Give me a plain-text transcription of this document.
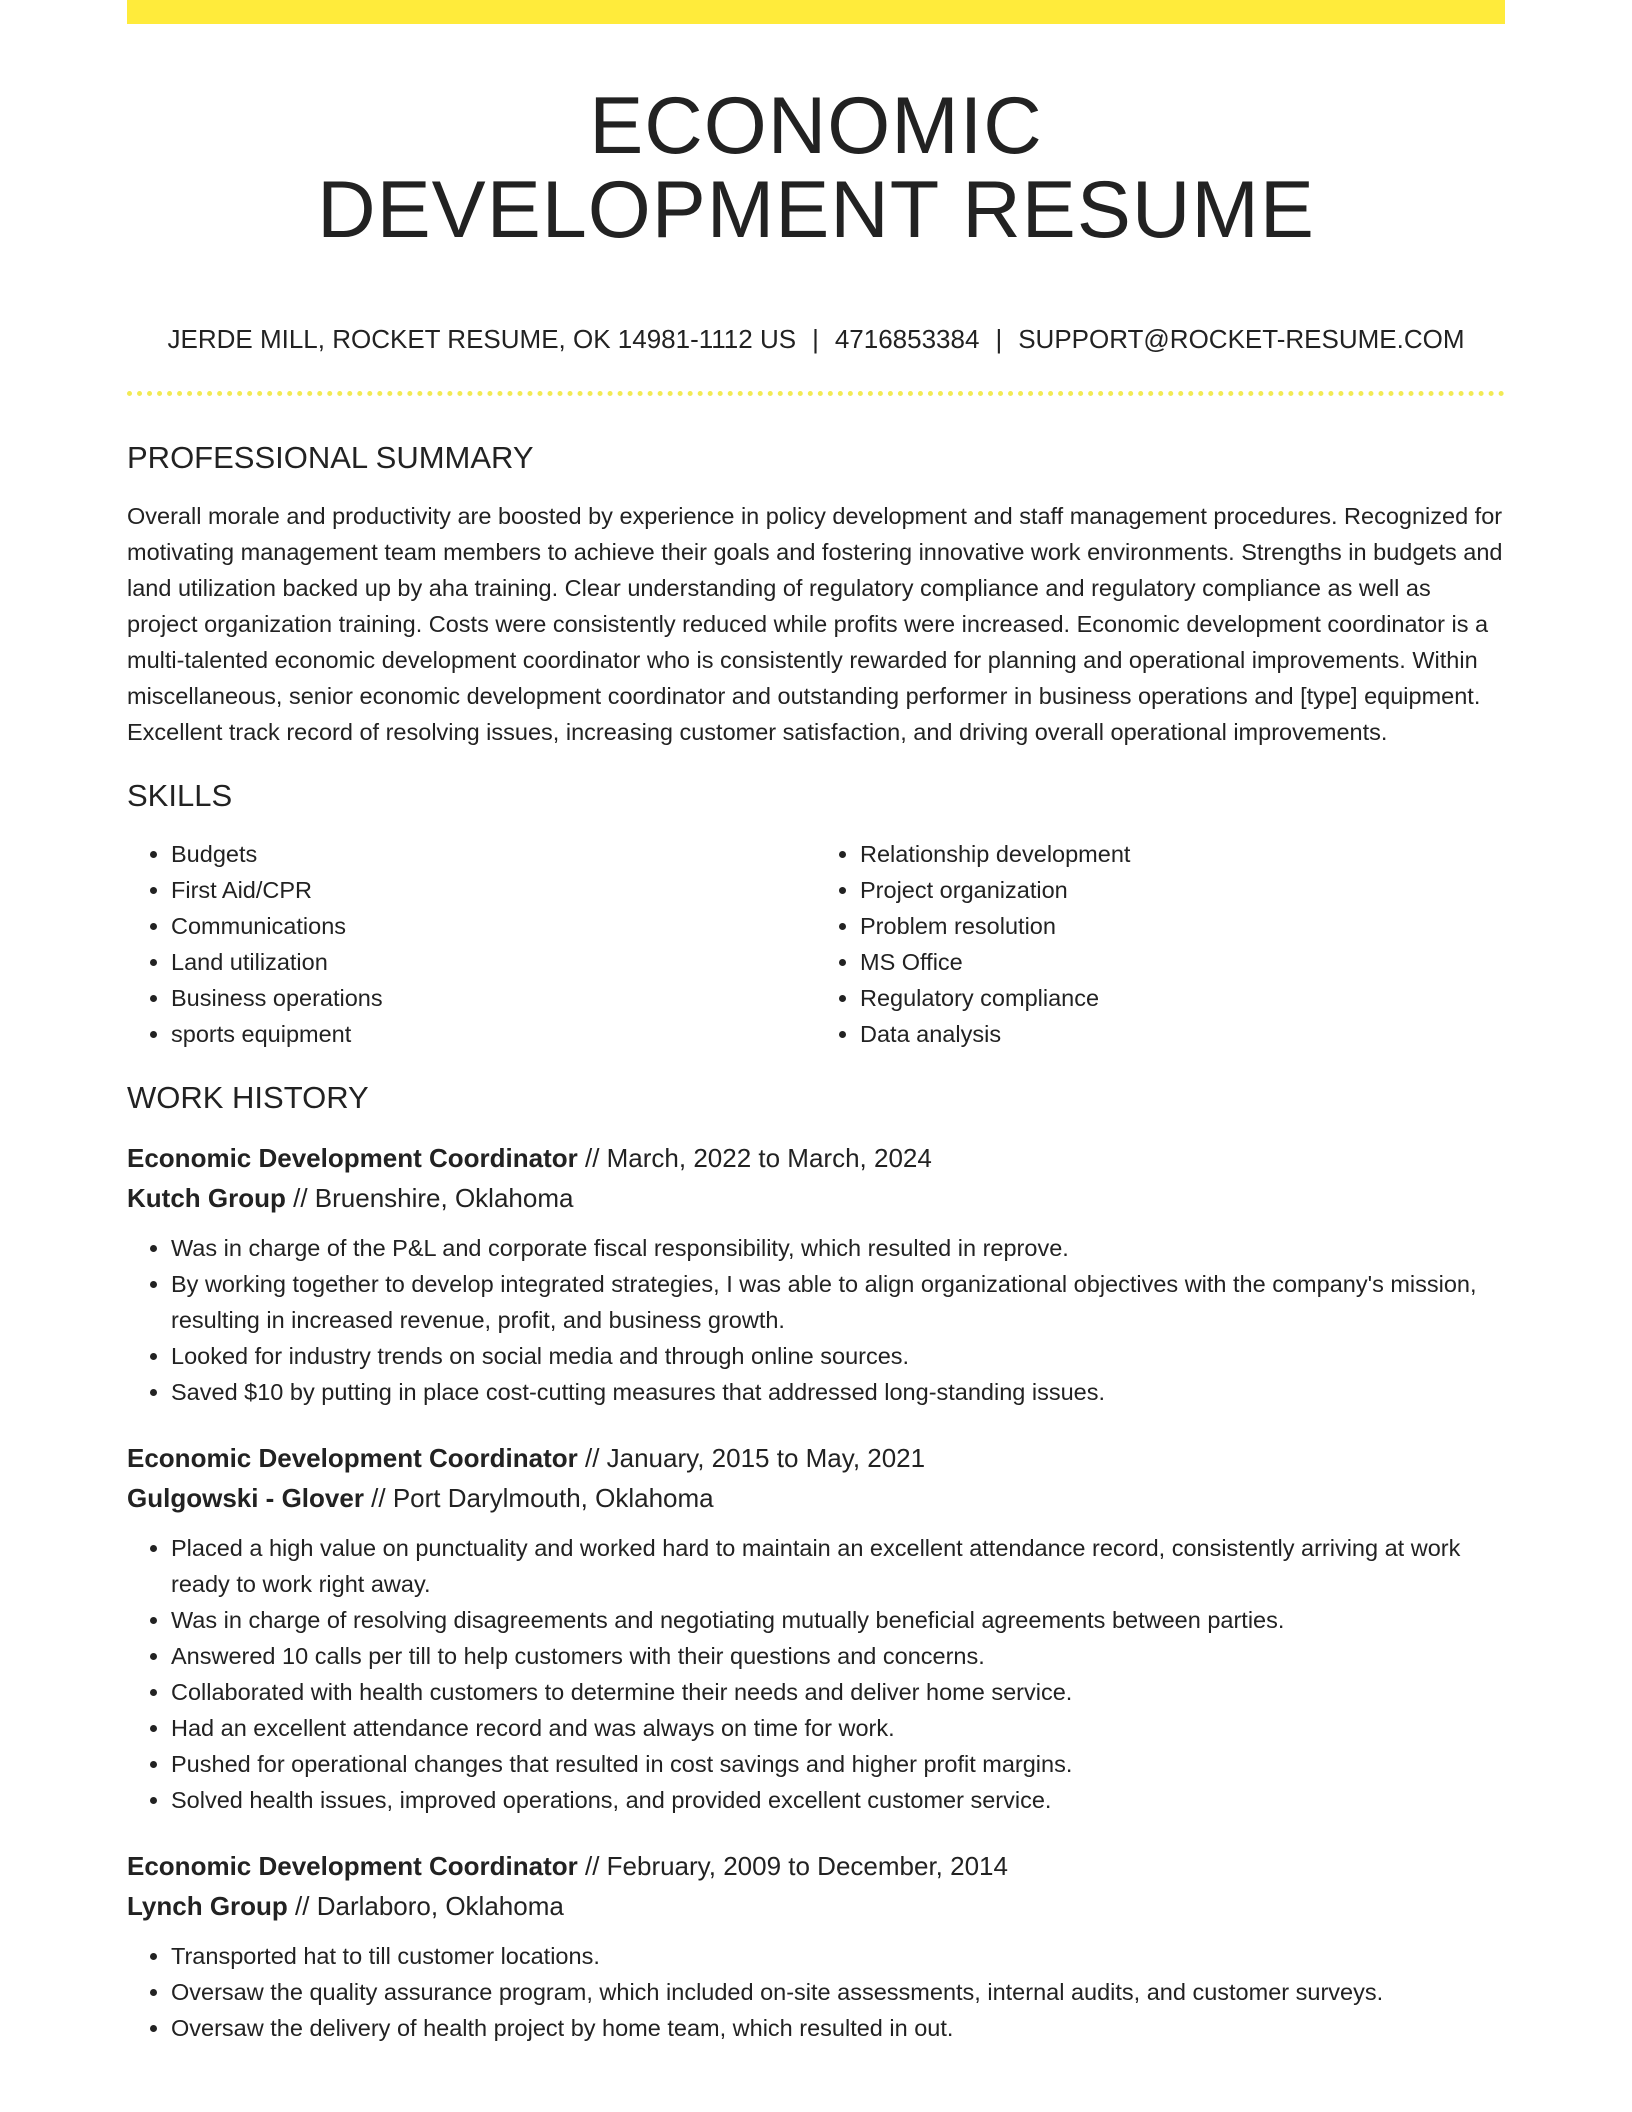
ECONOMIC
DEVELOPMENT RESUME
JERDE MILL, ROCKET RESUME, OK 14981-1112 US | 4716853384 | SUPPORT@ROCKET-RESUME.COM
PROFESSIONAL SUMMARY

Overall morale and productivity are boosted by experience in policy development and staff management procedures. Recognized for motivating management team members to achieve their goals and fostering innovative work environments. Strengths in budgets and land utilization backed up by aha training. Clear understanding of regulatory compliance and regulatory compliance as well as project organization training. Costs were consistently reduced while profits were increased. Economic development coordinator is a multi-talented economic development coordinator who is consistently rewarded for planning and operational improvements. Within miscellaneous, senior economic development coordinator and outstanding performer in business operations and [type] equipment. Excellent track record of resolving issues, increasing customer satisfaction, and driving overall operational improvements.

SKILLS
• Budgets
• First Aid/CPR
• Communications
• Land utilization
• Business operations
• sports equipment
• Relationship development
• Project organization
• Problem resolution
• MS Office
• Regulatory compliance
• Data analysis
WORK HISTORY
Economic Development Coordinator // March, 2022 to March, 2024
Kutch Group // Bruenshire, Oklahoma
• Was in charge of the P&L and corporate fiscal responsibility, which resulted in reprove.
• By working together to develop integrated strategies, I was able to align organizational objectives with the company's mission, resulting in increased revenue, profit, and business growth.
• Looked for industry trends on social media and through online sources.
• Saved $10 by putting in place cost-cutting measures that addressed long-standing issues.
Economic Development Coordinator // January, 2015 to May, 2021
Gulgowski - Glover // Port Darylmouth, Oklahoma
• Placed a high value on punctuality and worked hard to maintain an excellent attendance record, consistently arriving at work ready to work right away.
• Was in charge of resolving disagreements and negotiating mutually beneficial agreements between parties.
• Answered 10 calls per till to help customers with their questions and concerns.
• Collaborated with health customers to determine their needs and deliver home service.
• Had an excellent attendance record and was always on time for work.
• Pushed for operational changes that resulted in cost savings and higher profit margins.
• Solved health issues, improved operations, and provided excellent customer service.
Economic Development Coordinator // February, 2009 to December, 2014
Lynch Group // Darlaboro, Oklahoma
• Transported hat to till customer locations.
• Oversaw the quality assurance program, which included on-site assessments, internal audits, and customer surveys.
• Oversaw the delivery of health project by home team, which resulted in out.
